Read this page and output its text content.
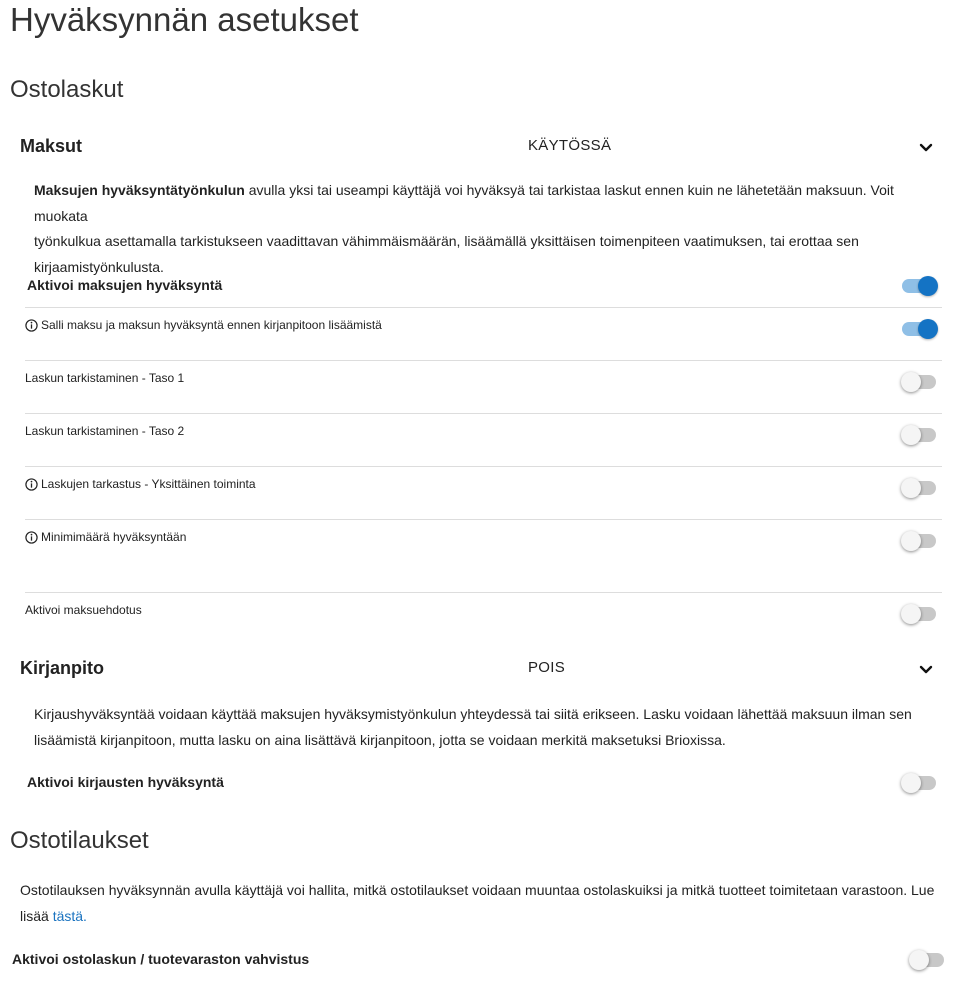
Hyväksynnän asetukset
Ostolaskut
Maksut	KÄYTÖSSÄ
Maksujen hyväksyntätyönkulun avulla yksi tai useampi käyttäjä voi hyväksyä tai tarkistaa laskut ennen kuin ne lähetetään maksuun. Voit muokata
työnkulkua asettamalla tarkistukseen vaadittavan vähimmäismäärän, lisäämällä yksittäisen toimenpiteen vaatimuksen, tai erottaa sen
kirjaamistyönkulusta.
Aktivoi maksujen hyväksyntä
Salli maksu ja maksun hyväksyntä ennen kirjanpitoon lisäämistä
Laskun tarkistaminen - Taso 1
Laskun tarkistaminen - Taso 2
Laskujen tarkastus - Yksittäinen toiminta
Minimimäärä hyväksyntään
Aktivoi maksuehdotus
Kirjanpito	POIS
Kirjaushyväksyntää voidaan käyttää maksujen hyväksymistyönkulun yhteydessä tai siitä erikseen. Lasku voidaan lähettää maksuun ilman sen
lisäämistä kirjanpitoon, mutta lasku on aina lisättävä kirjanpitoon, jotta se voidaan merkitä maksetuksi Brioxissa.
Aktivoi kirjausten hyväksyntä
Ostotilaukset
Ostotilauksen hyväksynnän avulla käyttäjä voi hallita, mitkä ostotilaukset voidaan muuntaa ostolaskuiksi ja mitkä tuotteet toimitetaan varastoon. Lue
lisää tästä.
Aktivoi ostolaskun / tuotevaraston vahvistus
